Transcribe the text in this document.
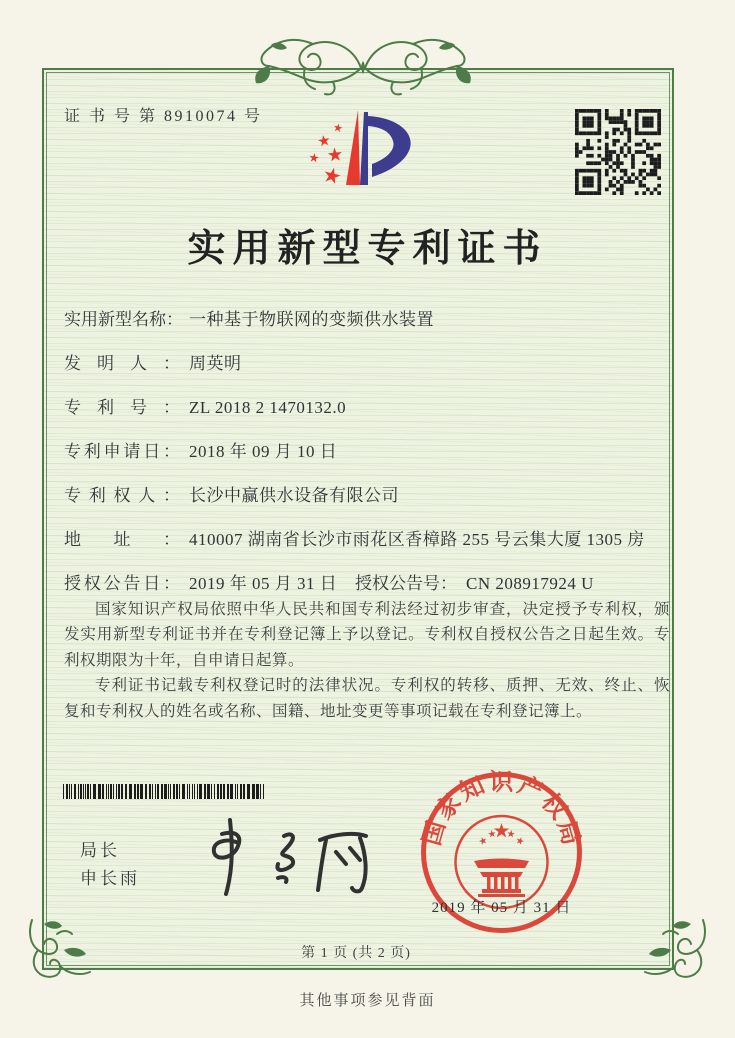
证 书 号 第 8910074 号
实用新型专利证书
实用新型名称： 一种基于物联网的变频供水装置
发明人： 周英明
专利号： ZL 2018 2 1470132.0
专利申请日： 2018 年 09 月 10 日
专利权人： 长沙中赢供水设备有限公司
地址： 410007 湖南省长沙市雨花区香樟路 255 号云集大厦 1305 房
授权公告日： 2019 年 05 月 31 日 授权公告号： CN 208917924 U

国家知识产权局依照中华人民共和国专利法经过初步审查，决定授予专利权，颁发实用新型专利证书并在专利登记簿上予以登记。专利权自授权公告之日起生效。专利权期限为十年，自申请日起算。

专利证书记载专利权登记时的法律状况。专利权的转移、质押、无效、终止、恢复和专利权人的姓名或名称、国籍、地址变更等事项记载在专利登记簿上。

局长
申长雨
国家知识产权局
2019 年 05 月 31 日
第 1 页 (共 2 页)
其他事项参见背面
